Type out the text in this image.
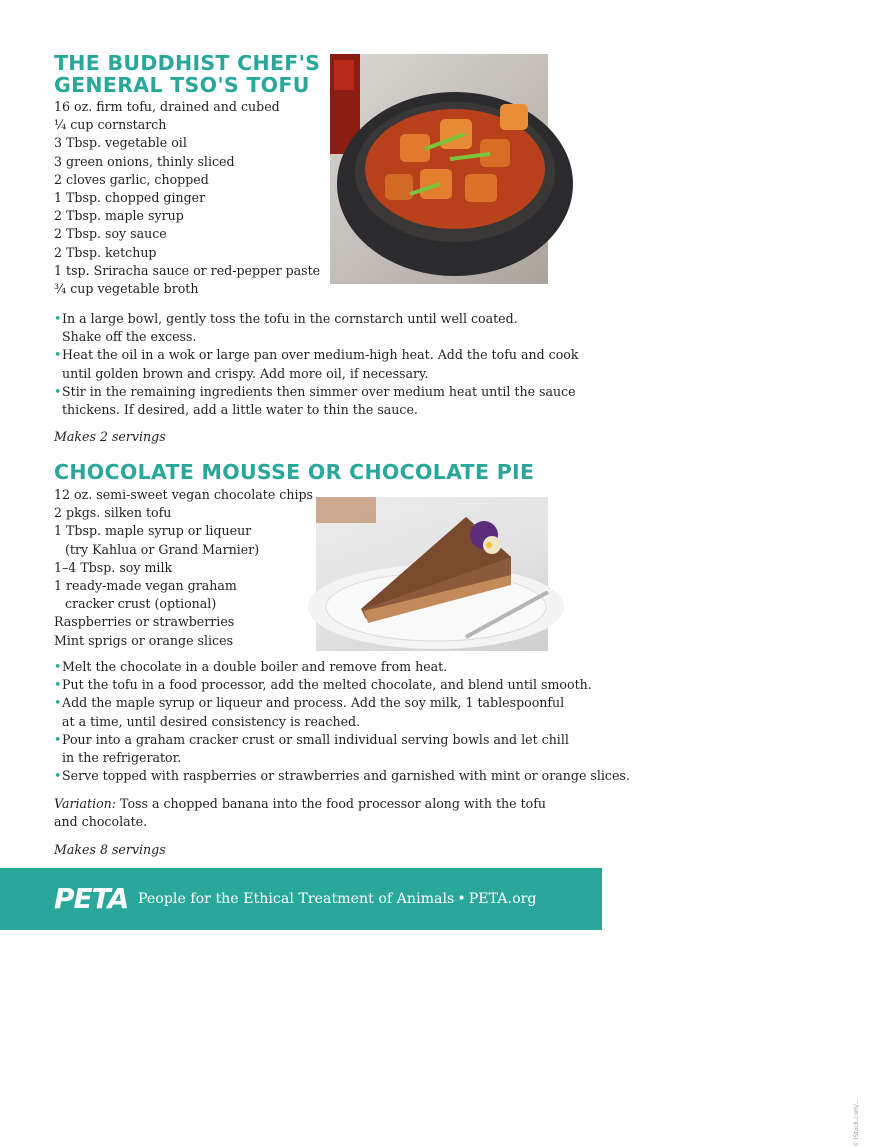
THE BUDDHIST CHEF'S GENERAL TSO'S TOFU
16 oz. firm tofu, drained and cubed
¼ cup cornstarch
3 Tbsp. vegetable oil
3 green onions, thinly sliced
2 cloves garlic, chopped
1 Tbsp. chopped ginger
2 Tbsp. maple syrup
2 Tbsp. soy sauce
2 Tbsp. ketchup
1 tsp. Sriracha sauce or red-pepper paste
¾ cup vegetable broth	© Buddhist Chef
• In a large bowl, gently toss the tofu in the cornstarch until well coated.
Shake off the excess.
• Heat the oil in a wok or large pan over medium-high heat. Add the tofu and cook
until golden brown and crispy. Add more oil, if necessary.
• Stir in the remaining ingredients then simmer over medium heat until the sauce
thickens. If desired, add a little water to thin the sauce.

Makes 2 servings

CHOCOLATE MOUSSE OR CHOCOLATE PIE
12 oz. semi-sweet vegan chocolate chips
2 pkgs. silken tofu
1 Tbsp. maple syrup or liqueur
(try Kahlua or Grand Marnier)
1–4 Tbsp. soy milk
1 ready-made vegan graham
cracker crust (optional)
Raspberries or strawberries
Mint sprigs or orange slices
© iStock.com/...
• Melt the chocolate in a double boiler and remove from heat.
• Put the tofu in a food processor, add the melted chocolate, and blend until smooth.
• Add the maple syrup or liqueur and process. Add the soy milk, 1 tablespoonful
at a time, until desired consistency is reached.
• Pour into a graham cracker crust or small individual serving bowls and let chill
in the refrigerator.
• Serve topped with raspberries or strawberries and garnished with mint or orange slices.

Variation: Toss a chopped banana into the food processor along with the tofu
and chocolate.

Makes 8 servings

PETA People for the Ethical Treatment of Animals • PETA.org
